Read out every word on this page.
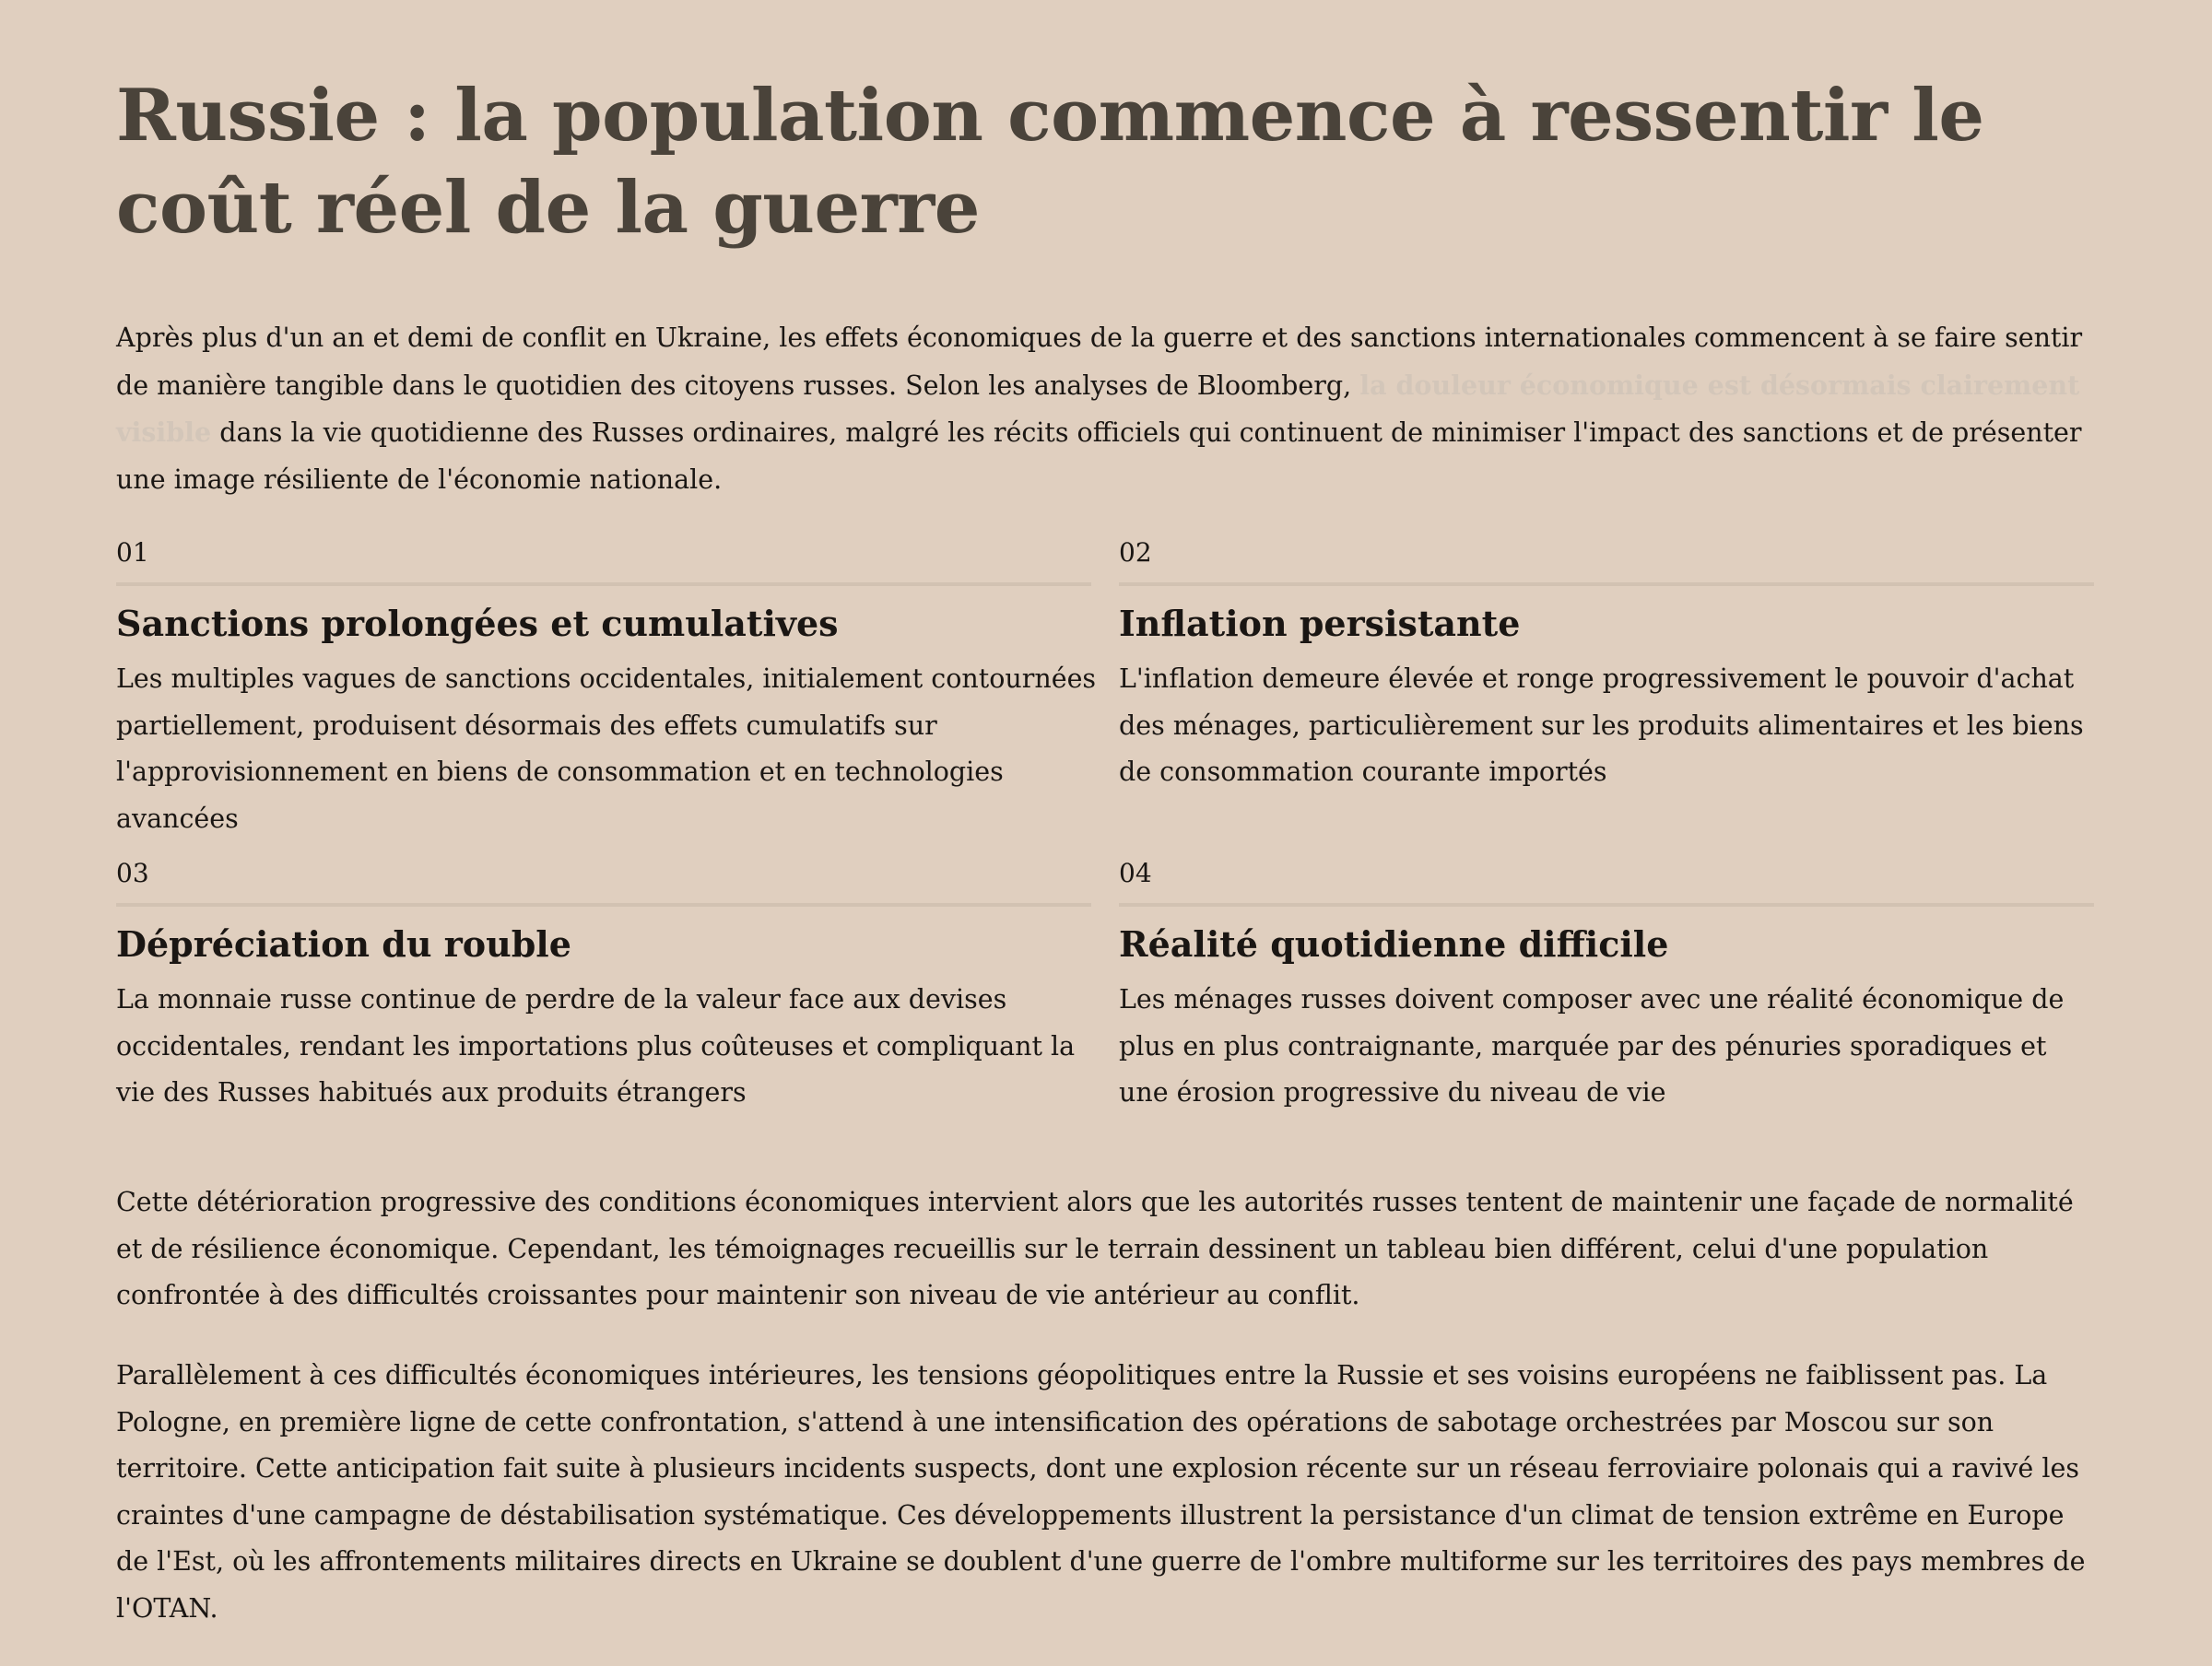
Russie : la population commence à ressentir le coût réel de la guerre

Après plus d'un an et demi de conflit en Ukraine, les effets économiques de la guerre et des sanctions internationales commencent à se faire sentir de manière tangible dans le quotidien des citoyens russes. Selon les analyses de Bloomberg, la douleur économique est désormais clairement visible dans la vie quotidienne des Russes ordinaires, malgré les récits officiels qui continuent de minimiser l'impact des sanctions et de présenter une image résiliente de l'économie nationale.

01

Sanctions prolongées et cumulatives

Les multiples vagues de sanctions occidentales, initialement contournées partiellement, produisent désormais des effets cumulatifs sur l'approvisionnement en biens de consommation et en technologies avancées

02

Inflation persistante

L'inflation demeure élevée et ronge progressivement le pouvoir d'achat des ménages, particulièrement sur les produits alimentaires et les biens de consommation courante importés

03

Dépréciation du rouble

La monnaie russe continue de perdre de la valeur face aux devises occidentales, rendant les importations plus coûteuses et compliquant la vie des Russes habitués aux produits étrangers

04

Réalité quotidienne difficile

Les ménages russes doivent composer avec une réalité économique de plus en plus contraignante, marquée par des pénuries sporadiques et une érosion progressive du niveau de vie

Cette détérioration progressive des conditions économiques intervient alors que les autorités russes tentent de maintenir une façade de normalité et de résilience économique. Cependant, les témoignages recueillis sur le terrain dessinent un tableau bien différent, celui d'une population confrontée à des difficultés croissantes pour maintenir son niveau de vie antérieur au conflit.

Parallèlement à ces difficultés économiques intérieures, les tensions géopolitiques entre la Russie et ses voisins européens ne faiblissent pas. La Pologne, en première ligne de cette confrontation, s'attend à une intensification des opérations de sabotage orchestrées par Moscou sur son territoire. Cette anticipation fait suite à plusieurs incidents suspects, dont une explosion récente sur un réseau ferroviaire polonais qui a ravivé les craintes d'une campagne de déstabilisation systématique. Ces développements illustrent la persistance d'un climat de tension extrême en Europe de l'Est, où les affrontements militaires directs en Ukraine se doublent d'une guerre de l'ombre multiforme sur les territoires des pays membres de l'OTAN.
